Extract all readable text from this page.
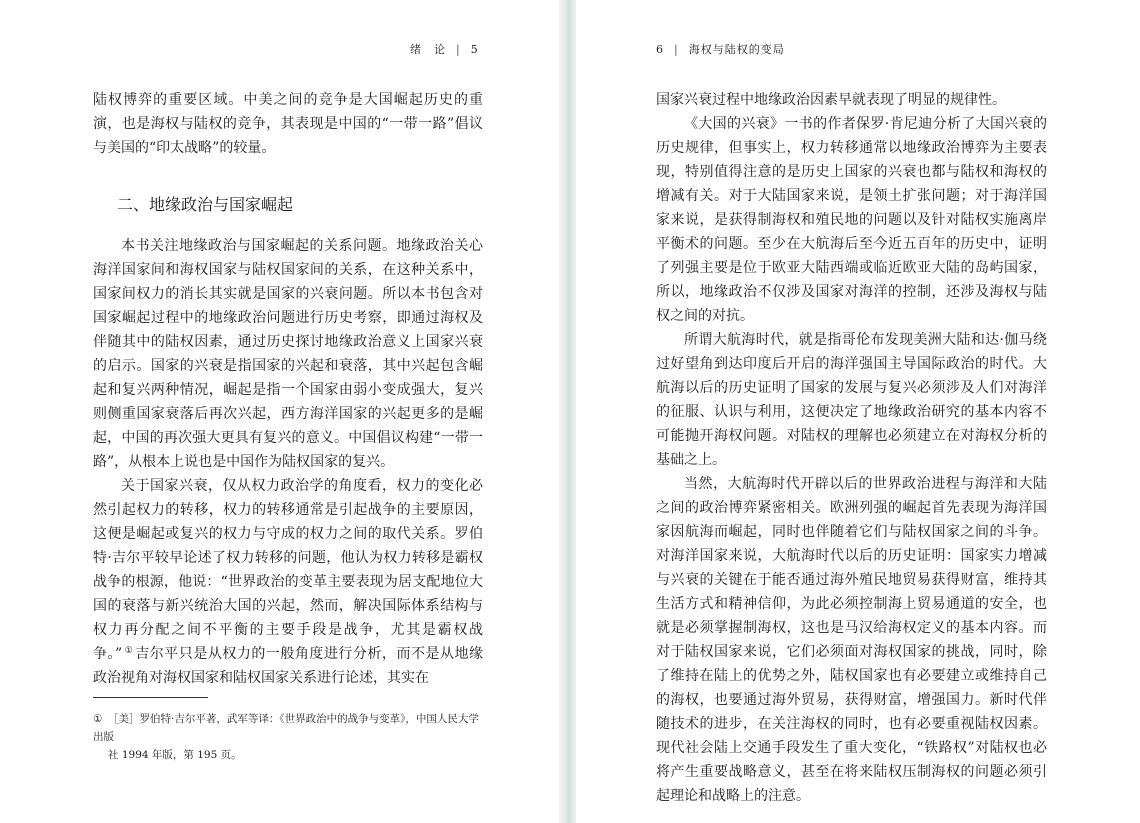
绪　论 | 5

陆权博弈的重要区域。中美之间的竞争是大国崛起历史的重演，也是海权与陆权的竞争，其表现是中国的“一带一路”倡议与美国的“印太战略”的较量。

二、地缘政治与国家崛起

本书关注地缘政治与国家崛起的关系问题。地缘政治关心海洋国家间和海权国家与陆权国家间的关系，在这种关系中，国家间权力的消长其实就是国家的兴衰问题。所以本书包含对国家崛起过程中的地缘政治问题进行历史考察，即通过海权及伴随其中的陆权因素，通过历史探讨地缘政治意义上国家兴衰的启示。国家的兴衰是指国家的兴起和衰落，其中兴起包含崛起和复兴两种情况，崛起是指一个国家由弱小变成强大，复兴则侧重国家衰落后再次兴起，西方海洋国家的兴起更多的是崛起，中国的再次强大更具有复兴的意义。中国倡议构建“一带一路”，从根本上说也是中国作为陆权国家的复兴。

关于国家兴衰，仅从权力政治学的角度看，权力的变化必然引起权力的转移，权力的转移通常是引起战争的主要原因，这便是崛起或复兴的权力与守成的权力之间的取代关系。罗伯特·吉尔平较早论述了权力转移的问题，他认为权力转移是霸权战争的根源，他说：“世界政治的变革主要表现为居支配地位大国的衰落与新兴统治大国的兴起，然而，解决国际体系结构与权力再分配之间不平衡的主要手段是战争，尤其是霸权战争。” ① 吉尔平只是从权力的一般角度进行分析，而不是从地缘政治视角对海权国家和陆权国家关系进行论述，其实在

① ［美］罗伯特·吉尔平著，武军等译：《世界政治中的战争与变革》，中国人民大学出版
社 1994 年版，第 195 页。
6 | 海权与陆权的变局

国家兴衰过程中地缘政治因素早就表现了明显的规律性。

《大国的兴衰》一书的作者保罗·肯尼迪分析了大国兴衰的历史规律，但事实上，权力转移通常以地缘政治博弈为主要表现，特别值得注意的是历史上国家的兴衰也都与陆权和海权的增减有关。对于大陆国家来说，是领土扩张问题；对于海洋国家来说，是获得制海权和殖民地的问题以及针对陆权实施离岸平衡术的问题。至少在大航海后至今近五百年的历史中，证明了列强主要是位于欧亚大陆西端或临近欧亚大陆的岛屿国家，所以，地缘政治不仅涉及国家对海洋的控制，还涉及海权与陆权之间的对抗。

所谓大航海时代，就是指哥伦布发现美洲大陆和达·伽马绕过好望角到达印度后开启的海洋强国主导国际政治的时代。大航海以后的历史证明了国家的发展与复兴必须涉及人们对海洋的征服、认识与利用，这便决定了地缘政治研究的基本内容不可能抛开海权问题。对陆权的理解也必须建立在对海权分析的基础之上。

当然，大航海时代开辟以后的世界政治进程与海洋和大陆之间的政治博弈紧密相关。欧洲列强的崛起首先表现为海洋国家因航海而崛起，同时也伴随着它们与陆权国家之间的斗争。对海洋国家来说，大航海时代以后的历史证明：国家实力增减与兴衰的关键在于能否通过海外殖民地贸易获得财富，维持其生活方式和精神信仰，为此必须控制海上贸易通道的安全，也就是必须掌握制海权，这也是马汉给海权定义的基本内容。而对于陆权国家来说，它们必须面对海权国家的挑战，同时，除了维持在陆上的优势之外，陆权国家也有必要建立或维持自己的海权，也要通过海外贸易，获得财富，增强国力。新时代伴随技术的进步，在关注海权的同时，也有必要重视陆权因素。现代社会陆上交通手段发生了重大变化，“铁路权”对陆权也必将产生重要战略意义，甚至在将来陆权压制海权的问题必须引起理论和战略上的注意。
